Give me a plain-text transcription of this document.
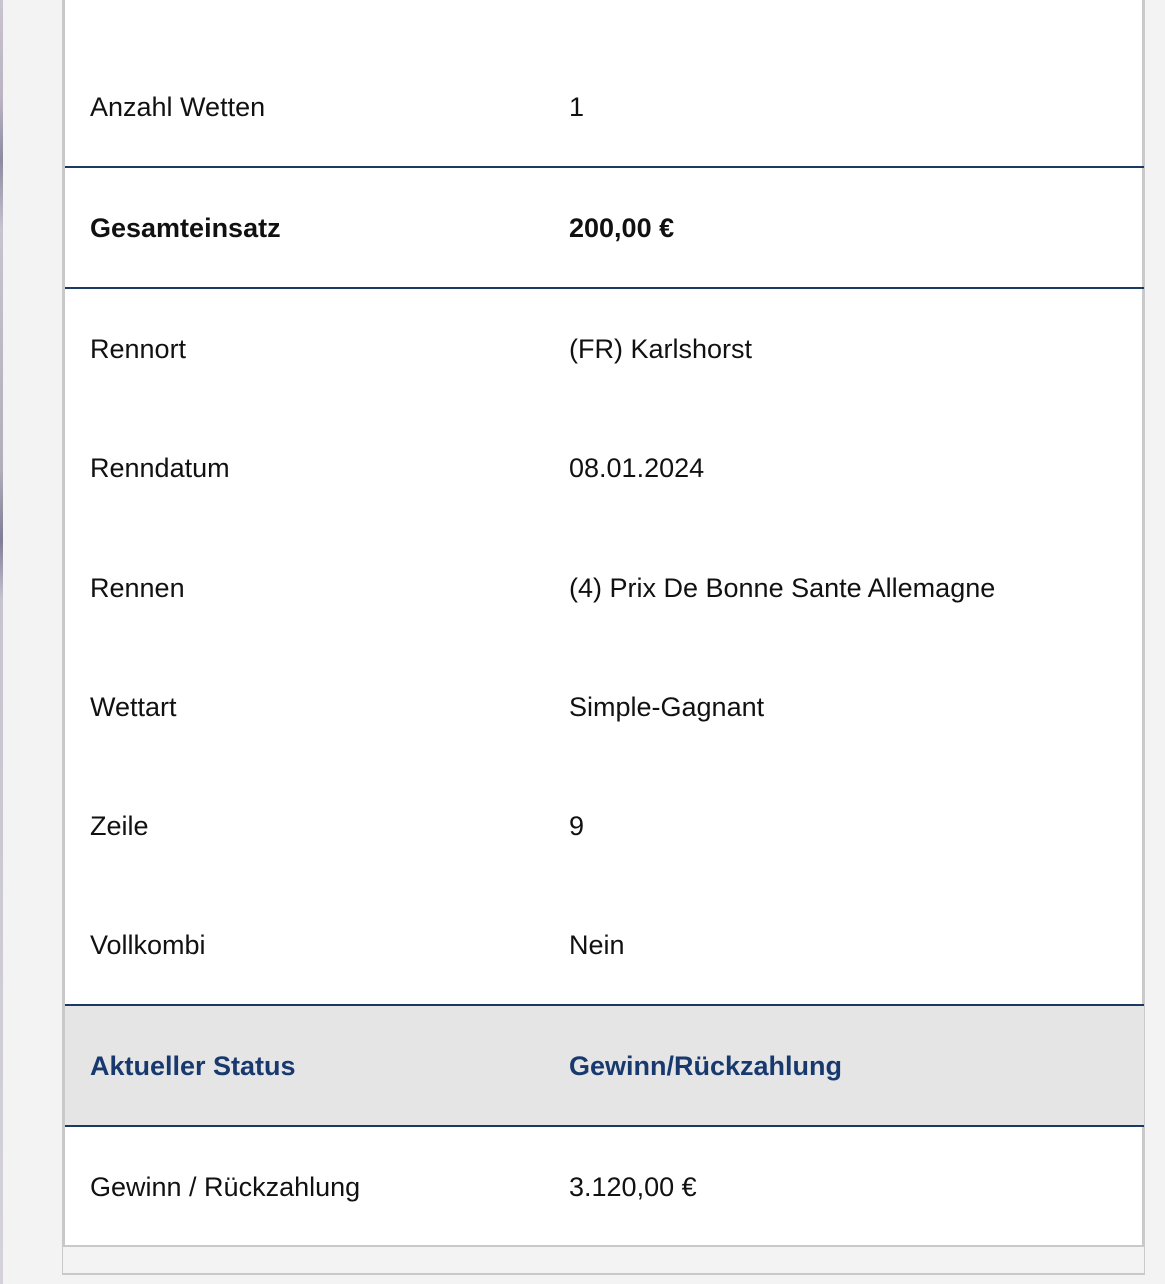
Anzahl Wetten	1
Gesamteinsatz	200,00 €
Rennort	(FR) Karlshorst
Renndatum	08.01.2024
Rennen	(4) Prix De Bonne Sante Allemagne
Wettart	Simple-Gagnant
Zeile	9
Vollkombi	Nein
Aktueller Status	Gewinn/Rückzahlung
Gewinn / Rückzahlung	3.120,00 €
